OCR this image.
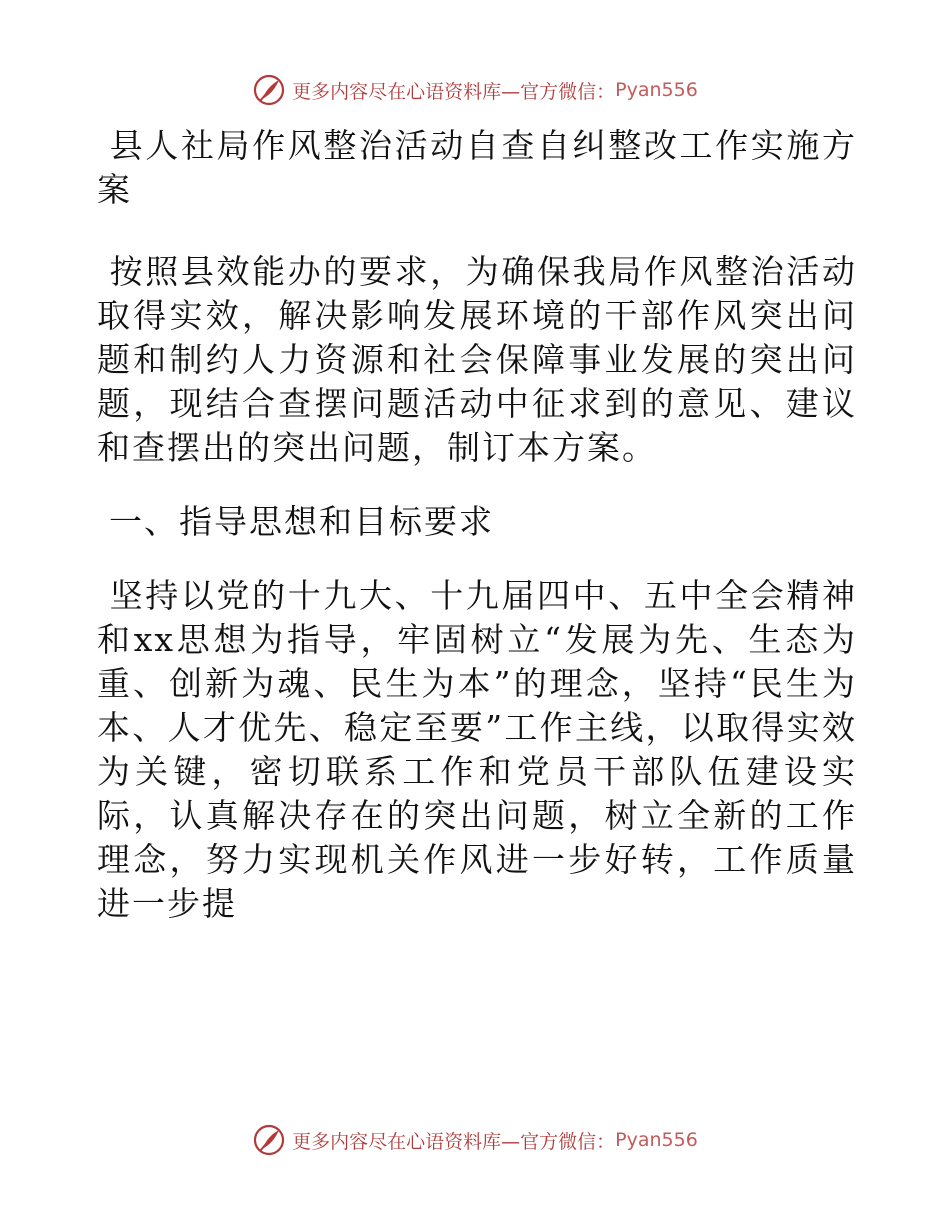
更多内容尽在心语资料库—官方微信： Pyan556

县人社局作风整治活动自查自纠整改工作实施方案

按照县效能办的要求，为确保我局作风整治活动取得实效，解决影响发展环境的干部作风突出问题和制约人力资源和社会保障事业发展的突出问题，现结合查摆问题活动中征求到的意见、建议和查摆出的突出问题，制订本方案。

一、指导思想和目标要求

坚持以党的十九大、十九届四中、五中全会精神和xx思想为指导，牢固树立“发展为先、生态为重、创新为魂、民生为本”的理念，坚持“民生为本、人才优先、稳定至要”工作主线，以取得实效为关键，密切联系工作和党员干部队伍建设实际，认真解决存在的突出问题，树立全新的工作理念，努力实现机关作风进一步好转，工作质量进一步提

更多内容尽在心语资料库—官方微信： Pyan556
